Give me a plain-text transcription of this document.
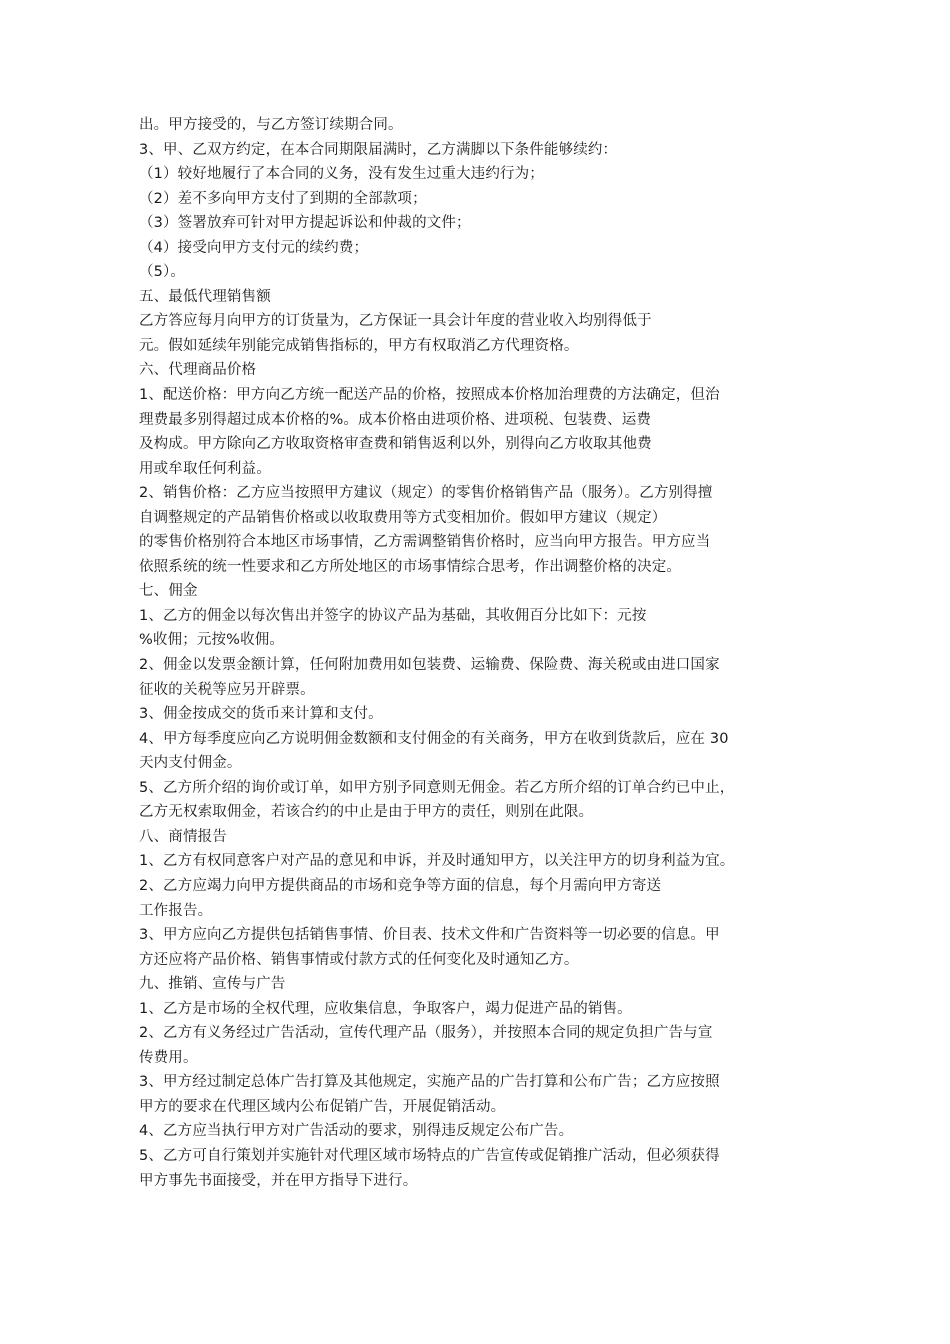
出。甲方接受的，与乙方签订续期合同。
3、甲、乙双方约定，在本合同期限届满时，乙方满脚以下条件能够续约：
（1）较好地履行了本合同的义务，没有发生过重大违约行为；
（2）差不多向甲方支付了到期的全部款项；
（3）签署放弃可针对甲方提起诉讼和仲裁的文件；
（4）接受向甲方支付元的续约费；
（5）。
五、最低代理销售额
乙方答应每月向甲方的订货量为，乙方保证一具会计年度的营业收入均别得低于
元。假如延续年别能完成销售指标的，甲方有权取消乙方代理资格。
六、代理商品价格
1、配送价格：甲方向乙方统一配送产品的价格，按照成本价格加治理费的方法确定，但治
理费最多别得超过成本价格的%。成本价格由进项价格、进项税、包装费、运费
及构成。甲方除向乙方收取资格审查费和销售返利以外，别得向乙方收取其他费
用或牟取任何利益。
2、销售价格：乙方应当按照甲方建议（规定）的零售价格销售产品（服务）。乙方别得擅
自调整规定的产品销售价格或以收取费用等方式变相加价。假如甲方建议（规定）
的零售价格别符合本地区市场事情，乙方需调整销售价格时，应当向甲方报告。甲方应当
依照系统的统一性要求和乙方所处地区的市场事情综合思考，作出调整价格的决定。
七、佣金
1、乙方的佣金以每次售出并签字的协议产品为基础，其收佣百分比如下：元按
%收佣；元按%收佣。
2、佣金以发票金额计算，任何附加费用如包装费、运输费、保险费、海关税或由进口国家
征收的关税等应另开辟票。
3、佣金按成交的货币来计算和支付。
4、甲方每季度应向乙方说明佣金数额和支付佣金的有关商务，甲方在收到货款后，应在 30
天内支付佣金。
5、乙方所介绍的询价或订单，如甲方别予同意则无佣金。若乙方所介绍的订单合约已中止，
乙方无权索取佣金，若该合约的中止是由于甲方的责任，则别在此限。
八、商情报告
1、乙方有权同意客户对产品的意见和申诉，并及时通知甲方，以关注甲方的切身利益为宜。
2、乙方应竭力向甲方提供商品的市场和竞争等方面的信息，每个月需向甲方寄送
工作报告。
3、甲方应向乙方提供包括销售事情、价目表、技术文件和广告资料等一切必要的信息。甲
方还应将产品价格、销售事情或付款方式的任何变化及时通知乙方。
九、推销、宣传与广告
1、乙方是市场的全权代理，应收集信息，争取客户，竭力促进产品的销售。
2、乙方有义务经过广告活动，宣传代理产品（服务），并按照本合同的规定负担广告与宣
传费用。
3、甲方经过制定总体广告打算及其他规定，实施产品的广告打算和公布广告；乙方应按照
甲方的要求在代理区域内公布促销广告，开展促销活动。
4、乙方应当执行甲方对广告活动的要求，别得违反规定公布广告。
5、乙方可自行策划并实施针对代理区域市场特点的广告宣传或促销推广活动，但必须获得
甲方事先书面接受，并在甲方指导下进行。
